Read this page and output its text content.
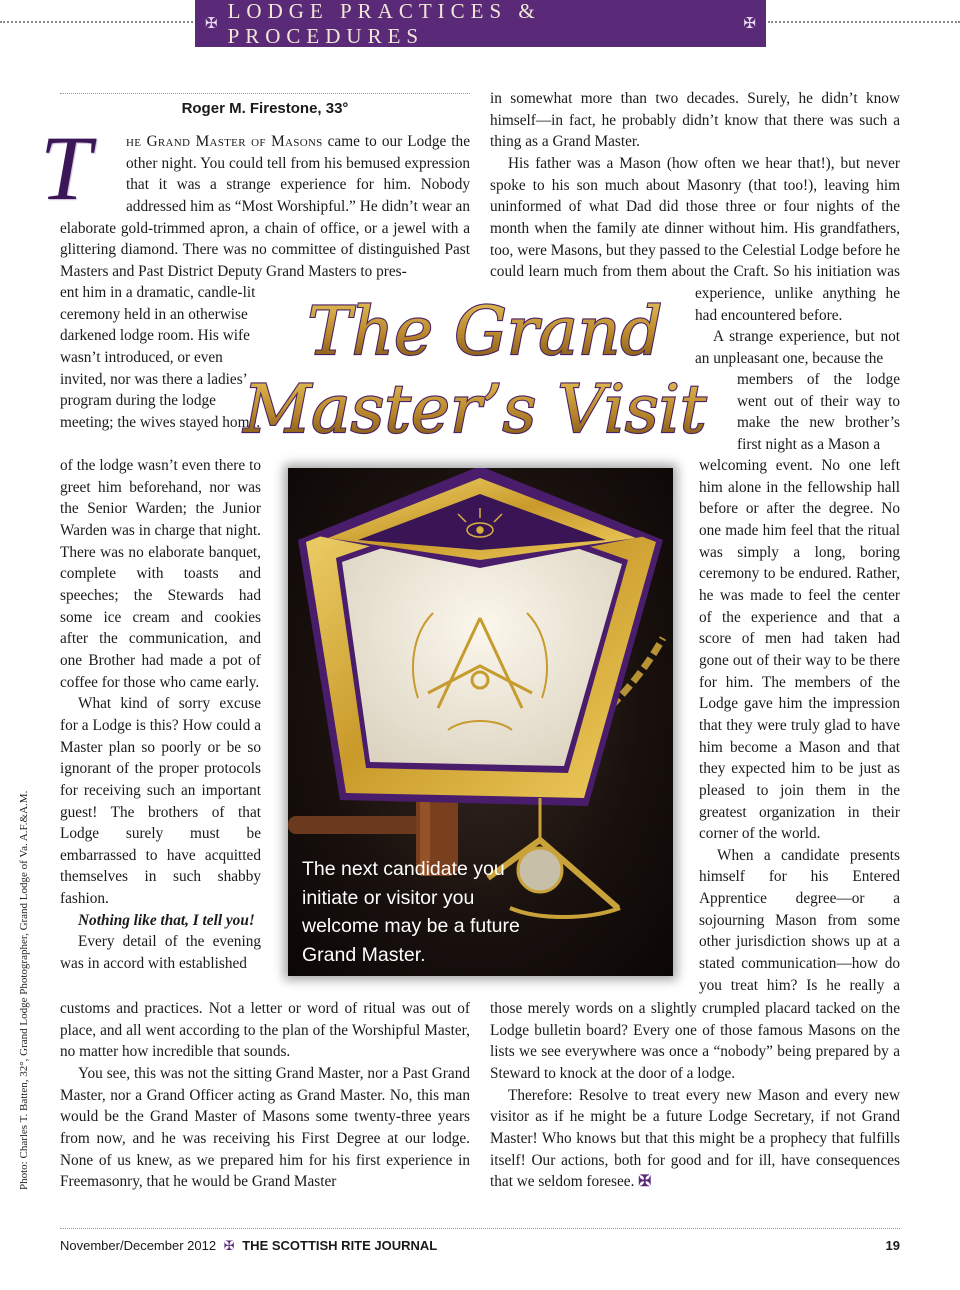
✠
LODGE PRACTICES & PROCEDURES	✠
Roger M. Firestone, 33°
T	he Grand Master of Masons came to our Lodge the other night. You could tell from his bemused expression that it was a strange experience for him. Nobody addressed him as “Most Worshipful.” He didn’t wear an elaborate gold-trimmed apron, a chain of office, or a jewel with a glittering diamond. There was no committee of distinguished Past Masters and Past District Deputy Grand Masters to pres-
ent him in a dramatic, candle-lit ceremony held in an otherwise darkened lodge room. His wife wasn’t introduced, or even invited, nor was there a ladies’ program during the lodge meeting; the wives stayed home.

of the lodge wasn’t even there to greet him beforehand, nor was the Senior Warden; the Junior Warden was in charge that night. There was no elaborate banquet, complete with toasts and speeches; the Stewards had some ice cream and cookies after the communication, and one Brother had made a pot of coffee for those who came early.

What kind of sorry excuse for a Lodge is this? How could a Master plan so poorly or be so ignorant of the proper protocols for receiving such an important guest! The brothers of that Lodge surely must be embarrassed to have acquitted themselves in such shabby fashion.

Nothing like that, I tell you!

Every detail of the evening was in accord with established

customs and practices. Not a letter or word of ritual was out of place, and all went according to the plan of the Worshipful Master, no matter how incredible that sounds.

You see, this was not the sitting Grand Master, nor a Past Grand Master, nor a Grand Officer acting as Grand Master. No, this man would be the Grand Master of Masons some twenty-three years from now, and he was receiving his First Degree at our lodge. None of us knew, as we prepared him for his first experience in Freemasonry, that he would be Grand Master

in somewhat more than two decades. Surely, he didn’t know himself—in fact, he probably didn’t know that there was such a thing as a Grand Master.

His father was a Mason (how often we hear that!), but never spoke to his son much about Masonry (that too!), leaving him uninformed of what Dad did those three or four nights of the month when the family ate dinner without him. His grandfathers, too, were Masons, but they passed to the Celestial Lodge before he could learn much from them about the Craft. So his initiation was

experience, unlike anything he had encountered before.

A strange experience, but not an unpleasant one, because the

members of the lodge went out of their way to make the new brother’s first night as a Mason a

welcoming event. No one left him alone in the fellowship hall before or after the degree. No one made him feel that the ritual was simply a long, boring ceremony to be endured. Rather, he was made to feel the center of the experience and that a score of men had taken had gone out of their way to be there for him. The members of the Lodge gave him the impression that they were truly glad to have him become a Mason and that they expected him to be just as pleased to join them in the greatest organization in their corner of the world.

When a candidate presents himself for his Entered Apprentice degree—or a sojourning Mason from some other jurisdiction shows up at a stated communication—how do you treat him? Is he really a

those merely words on a slightly crumpled placard tacked on the Lodge bulletin board? Every one of those famous Masons on the lists we see everywhere was once a “nobody” being prepared by a Steward to knock at the door of a lodge.

Therefore: Resolve to treat every new Mason and every new visitor as if he might be a future Lodge Secretary, if not Grand Master! Who knows but that this might be a prophecy that fulfills itself! Our actions, both for good and for ill, have consequences that we seldom foresee. ✠

The Grand
Master’s Visit
The next candidate you initiate or visitor you welcome may be a future Grand Master.
Photo: Charles T. Batten, 32°, Grand Lodge Photographer, Grand Lodge of Va. A.F.&A.M.
November/December 2012 ✠ THE SCOTTISH RITE JOURNAL	19
